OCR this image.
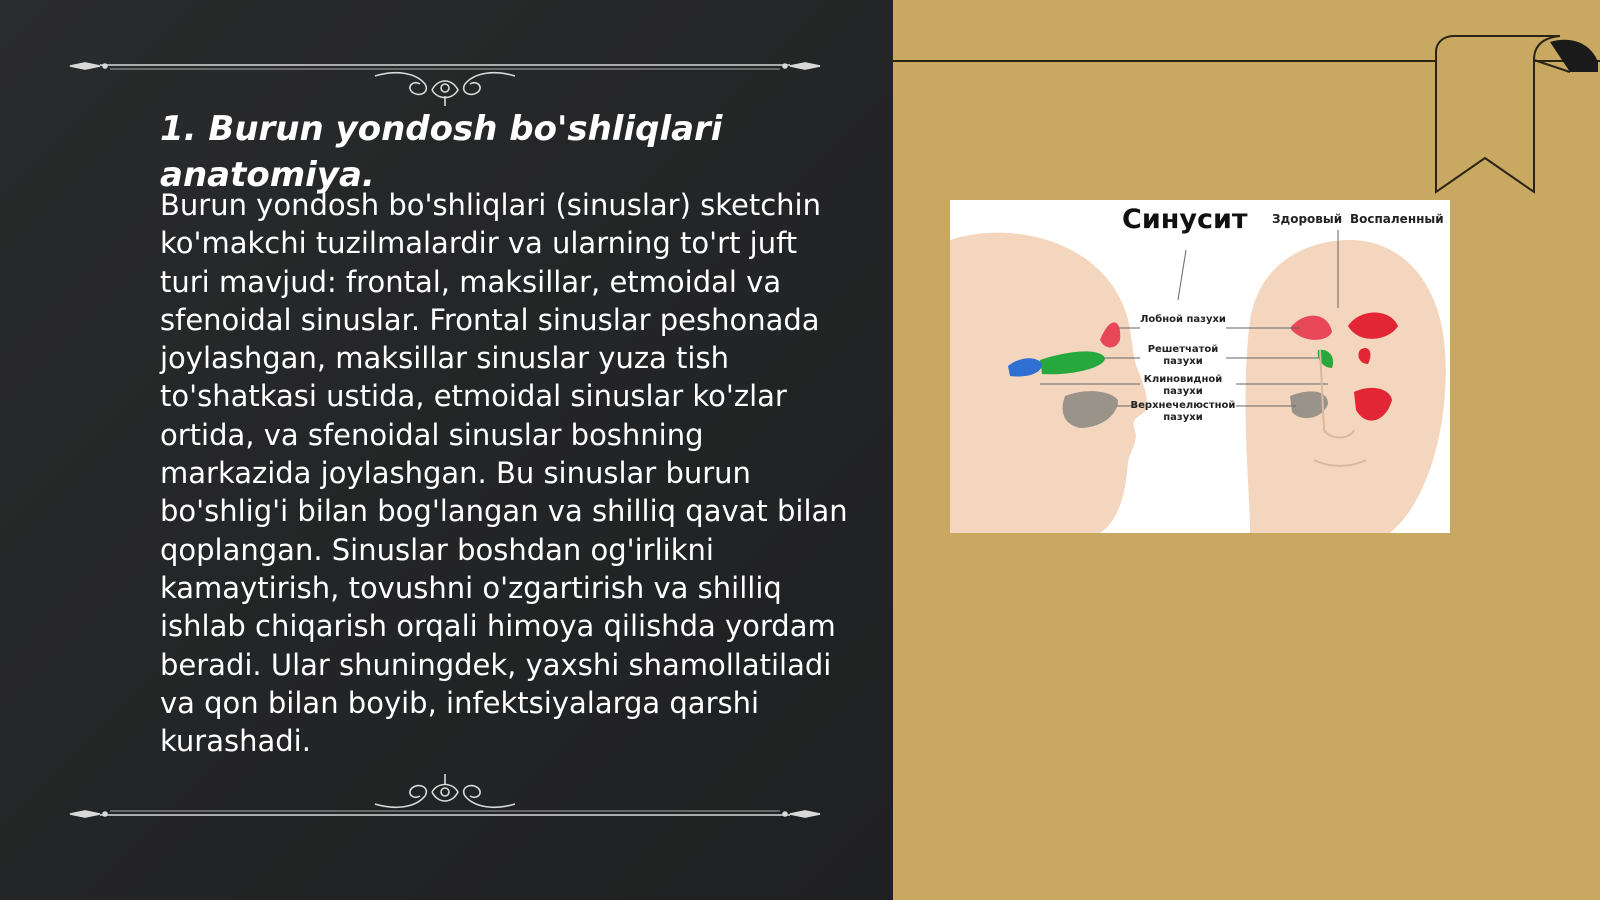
1. Burun yondosh bo'shliqlari anatomiya.

Burun yondosh bo'shliqlari (sinuslar) sketchin ko'makchi tuzilmalardir va ularning to'rt juft turi mavjud: frontal, maksillar, etmoidal va sfenoidal sinuslar. Frontal sinuslar peshonada joylashgan, maksillar sinuslar yuza tish to'shatkasi ustida, etmoidal sinuslar ko'zlar ortida, va sfenoidal sinuslar boshning markazida joylashgan. Bu sinuslar burun bo'shlig'i bilan bog'langan va shilliq qavat bilan qoplangan. Sinuslar boshdan og'irlikni kamaytirish, tovushni o'zgartirish va shilliq ishlab chiqarish orqali himoya qilishda yordam beradi. Ular shuningdek, yaxshi shamollatiladi va qon bilan boyib, infektsiyalarga qarshi kurashadi.

Синусит Здоровый Воспаленный
Лобной пазухи
Решетчатой пазухи
Клиновидной пазухи
Верхнечелюстной пазухи
